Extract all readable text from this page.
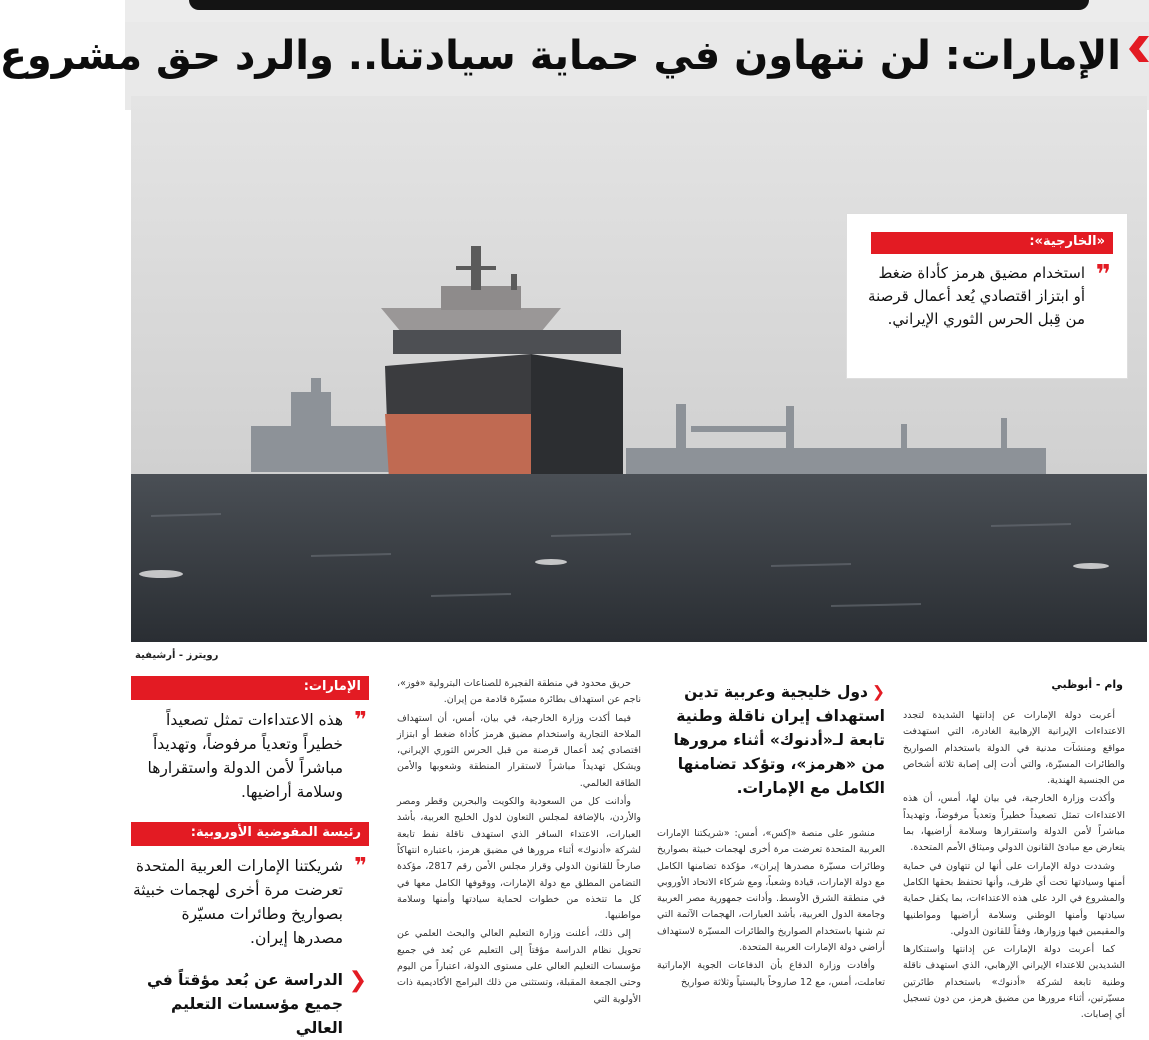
الإمارات: لن نتهاون في حماية سيادتنا.. والرد حق مشروع
«الخارجية»:
❞
استخدام مضيق هرمز كأداة ضغط أو ابتزاز اقتصادي يُعد أعمال قرصنة من قِبل الحرس الثوري الإيراني.
رويترز - أرشيفية
وام - أبوظبي

أعربت دولة الإمارات عن إدانتها الشديدة لتجدد الاعتداءات الإيرانية الإرهابية الغادرة، التي استهدفت مواقع ومنشآت مدنية في الدولة باستخدام الصواريخ والطائرات المسيّرة، والتي أدت إلى إصابة ثلاثة أشخاص من الجنسية الهندية.

وأكدت وزارة الخارجية، في بيان لها، أمس، أن هذه الاعتداءات تمثل تصعيداً خطيراً وتعدياً مرفوضاً، وتهديداً مباشراً لأمن الدولة واستقرارها وسلامة أراضيها، بما يتعارض مع مبادئ القانون الدولي وميثاق الأمم المتحدة.

وشددت دولة الإمارات على أنها لن تتهاون في حماية أمنها وسيادتها تحت أي ظرف، وأنها تحتفظ بحقها الكامل والمشروع في الرد على هذه الاعتداءات، بما يكفل حماية سيادتها وأمنها الوطني وسلامة أراضيها ومواطنيها والمقيمين فيها وزوارها، وفقاً للقانون الدولي.

كما أعربت دولة الإمارات عن إدانتها واستنكارها الشديدين للاعتداء الإيراني الإرهابي، الذي استهدف ناقلة وطنية تابعة لشركة «أدنوك» باستخدام طائرتين مسيّرتين، أثناء مرورها من مضيق هرمز، من دون تسجيل أي إصابات.

❮دول خليجية وعربية تدين استهداف إيران ناقلة وطنية تابعة لـ«أدنوك» أثناء مرورها من «هرمز»، وتؤكد تضامنها الكامل مع الإمارات.

منشور على منصة «إكس»، أمس: «شريكتنا الإمارات العربية المتحدة تعرضت مرة أخرى لهجمات خبيثة بصواريخ وطائرات مسيّرة مصدرها إيران»، مؤكدة تضامنها الكامل مع دولة الإمارات، قيادة وشعباً، ومع شركاء الاتحاد الأوروبي في منطقة الشرق الأوسط. وأدانت جمهورية مصر العربية وجامعة الدول العربية، بأشد العبارات، الهجمات الآثمة التي تم شنها باستخدام الصواريخ والطائرات المسيّرة لاستهداف أراضي دولة الإمارات العربية المتحدة.

وأفادت وزارة الدفاع بأن الدفاعات الجوية الإماراتية تعاملت، أمس، مع 12 صاروخاً باليستياً وثلاثة صواريخ

حريق محدود في منطقة الفجيرة للصناعات البترولية «فوز»، ناجم عن استهداف بطائرة مسيّرة قادمة من إيران.

فيما أكدت وزارة الخارجية، في بيان، أمس، أن استهداف الملاحة التجارية واستخدام مضيق هرمز كأداة ضغط أو ابتزاز اقتصادي يُعد أعمال قرصنة من قبل الحرس الثوري الإيراني، ويشكل تهديداً مباشراً لاستقرار المنطقة وشعوبها والأمن الطاقة العالمي.

وأدانت كل من السعودية والكويت والبحرين وقطر ومصر والأردن، بالإضافة لمجلس التعاون لدول الخليج العربية، بأشد العبارات، الاعتداء السافر الذي استهدف ناقلة نفط تابعة لشركة «أدنوك» أثناء مرورها في مضيق هرمز، باعتباره انتهاكاً صارخاً للقانون الدولي وقرار مجلس الأمن رقم 2817، مؤكدة التضامن المطلق مع دولة الإمارات، ووقوفها الكامل معها في كل ما تتخذه من خطوات لحماية سيادتها وأمنها وسلامة مواطنيها.

إلى ذلك، أعلنت وزارة التعليم العالي والبحث العلمي عن تحويل نظام الدراسة مؤقتاً إلى التعليم عن بُعد في جميع مؤسسات التعليم العالي على مستوى الدولة، اعتباراً من اليوم وحتى الجمعة المقبلة، وتستثنى من ذلك البرامج الأكاديمية ذات الأولوية التي

الإمارات:
❞
هذه الاعتداءات تمثل تصعيداً خطيراً وتعدياً مرفوضاً، وتهديداً مباشراً لأمن الدولة واستقرارها وسلامة أراضيها.
رئيسة المفوضية الأوروبية:
❞
شريكتنا الإمارات العربية المتحدة تعرضت مرة أخرى لهجمات خبيثة بصواريخ وطائرات مسيّرة مصدرها إيران.
❮
الدراسة عن بُعد مؤقتاً في جميع مؤسسات التعليم العالي
